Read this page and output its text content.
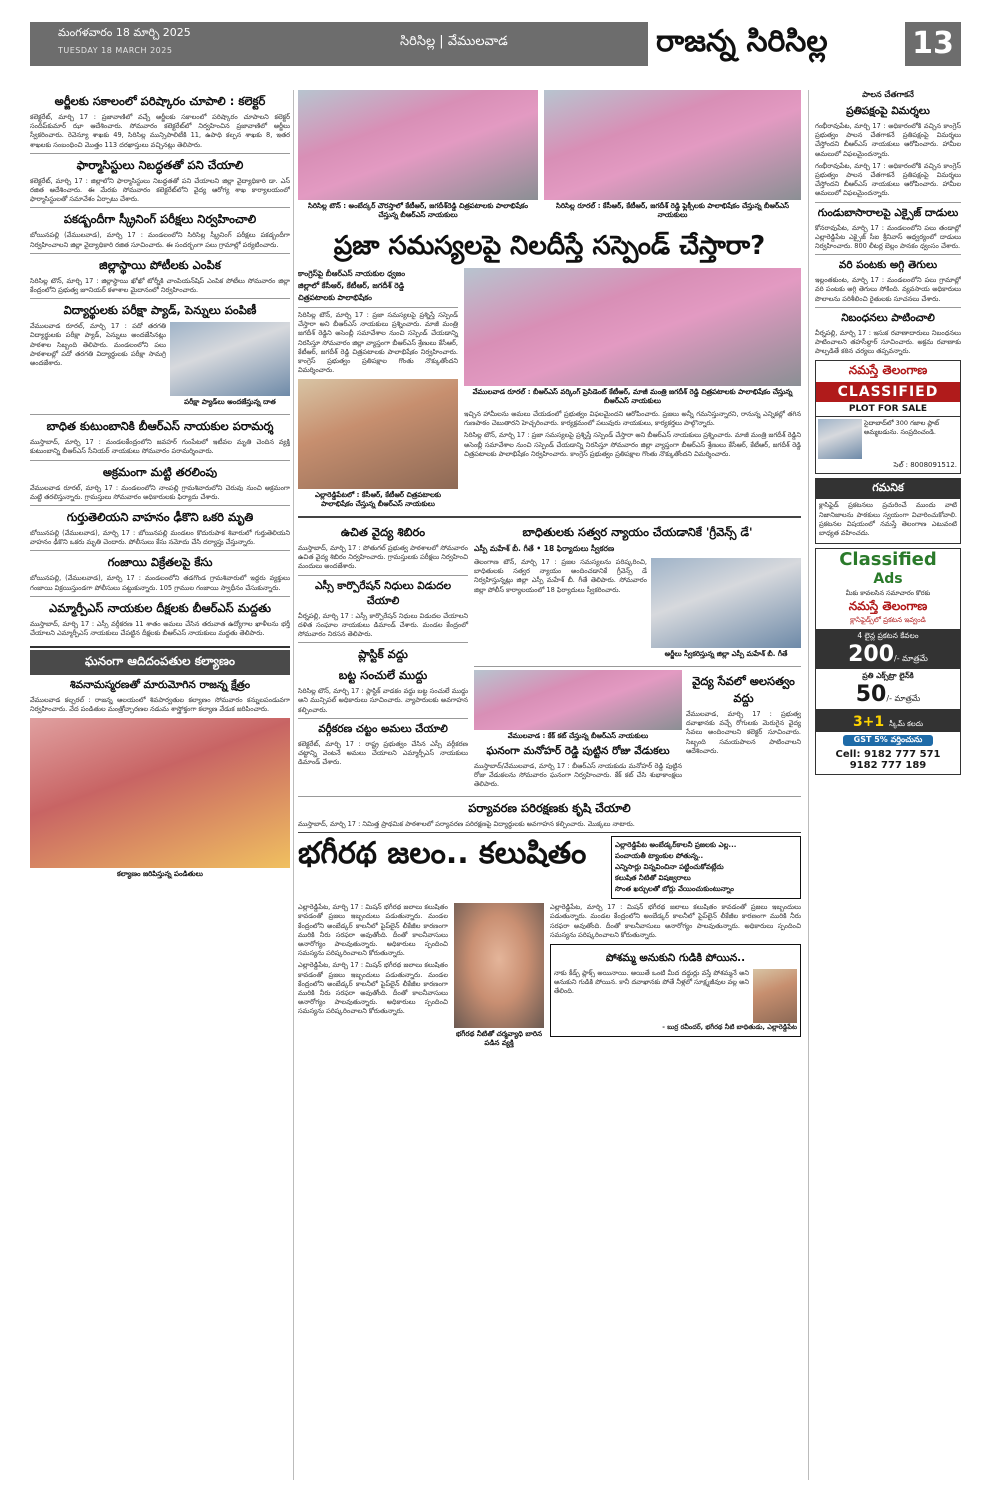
మంగళవారం 18 మార్చి 2025
TUESDAY 18 MARCH 2025
సిరిసిల్ల | వేములవాడ	రాజన్న సిరిసిల్ల	13
అర్జీలకు సకాలంలో పరిష్కారం చూపాలి : కలెక్టర్

కలెక్టరేట్, మార్చి 17 : ప్రజావాణిలో వచ్చే అర్జీలకు సకాలంలో పరిష్కారం చూపాలని కలెక్టర్ సందీప్‌కుమార్ ఝా ఆదేశించారు. సోమవారం కలెక్టరేట్‌లో నిర్వహించిన ప్రజావాణిలో అర్జీలు స్వీకరించారు. రెవెన్యూ శాఖకు 49, సిరిసిల్ల మున్సిపాలిటీకి 11, ఉపాధి కల్పన శాఖకు 8, ఇతర శాఖలకు సంబంధించి మొత్తం 113 దరఖాస్తులు వచ్చినట్లు తెలిపారు.

ఫార్మాసిస్టులు నిబద్ధతతో పని చేయాలి

కలెక్టరేట్, మార్చి 17 : జిల్లాలోని ఫార్మాసిస్టులు నిబద్ధతతో పని చేయాలని జిల్లా వైద్యాధికారి డా. ఎస్ రజిత ఆదేశించారు. ఈ మేరకు సోమవారం కలెక్టరేట్‌లోని వైద్య ఆరోగ్య శాఖ కార్యాలయంలో ఫార్మాసిస్టులతో సమావేశం ఏర్పాటు చేశారు.

పకడ్బందీగా స్క్రీనింగ్ పరీక్షలు నిర్వహించాలి

బోయినపల్లి (వేములవాడ), మార్చి 17 : మండలంలోని సిరిసిల్ల స్క్రీనింగ్ పరీక్షలు పకడ్బందీగా నిర్వహించాలని జిల్లా వైద్యాధికారి రజిత సూచించారు. ఈ సందర్భంగా పలు గ్రామాల్లో పర్యటించారు.

జిల్లాస్థాయి పోటీలకు ఎంపిక

సిరిసిల్ల టౌన్, మార్చి 17 : జిల్లాస్థాయి ఖోఖో టోర్నీకి చాంపియన్‌షిప్ ఎంపిక పోటీలు సోమవారం జిల్లా కేంద్రంలోని ప్రభుత్వ జూనియర్ కళాశాల మైదానంలో నిర్వహించారు.

విద్యార్థులకు పరీక్షా ప్యాడ్, పెన్నులు పంపిణీ

వేములవాడ రూరల్, మార్చి 17 : పదో తరగతి విద్యార్థులకు పరీక్షా ప్యాడ్, పెన్నులు అందజేసినట్లు పాఠశాల సిబ్బంది తెలిపారు. మండలంలోని పలు పాఠశాలల్లో పదో తరగతి విద్యార్థులకు పరీక్షా సామగ్రి అందజేశారు.

పరీక్షా ప్యాడ్‌లు అందజేస్తున్న దాత
బాధిత కుటుంబానికి బీఆర్‌ఎస్ నాయకుల పరామర్శ

ముస్తాబాద్, మార్చి 17 : మండలకేంద్రంలోని జవహర్ గుంపేటలో ఇటీవల మృతి చెందిన వ్యక్తి కుటుంబాన్ని బీఆర్‌ఎస్ సీనియర్ నాయకులు సోమవారం పరామర్శించారు.

అక్రమంగా మట్టి తరలింపు

వేములవాడ రూరల్, మార్చి 17 : మండలంలోని నాంపల్లి గ్రామశివారులోని చెరువు నుంచి అక్రమంగా మట్టి తరలిస్తున్నారు. గ్రామస్తులు సోమవారం అధికారులకు ఫిర్యాదు చేశారు.

గుర్తుతెలియని వాహనం ఢీకొని ఒకరి మృతి

బోయినపల్లి (వేములవాడ), మార్చి 17 : బోయినపల్లి మండలం కొదురుపాక శివారులో గుర్తుతెలియని వాహనం ఢీకొని ఒకరు మృతి చెందారు. పోలీసులు కేసు నమోదు చేసి దర్యాప్తు చేస్తున్నారు.

గంజాయి విక్రేతలపై కేసు

బోయినపల్లి, (వేములవాడ), మార్చి 17 : మండలంలోని తడగొండ గ్రామశివారులో ఇద్దరు వ్యక్తులు గంజాయి విక్రయిస్తుండగా పోలీసులు పట్టుకున్నారు. 105 గ్రాముల గంజాయి స్వాధీనం చేసుకున్నారు.

ఎమ్మార్పీఎస్ నాయకుల దీక్షలకు బీఆర్‌ఎస్ మద్దతు

ముస్తాబాద్, మార్చి 17 : ఎస్సీ వర్గీకరణ 11 శాతం అమలు చేసిన తరువాత ఉద్యోగాల ఖాళీలను భర్తీ చేయాలని ఎమ్మార్పీఎస్ నాయకులు చేపట్టిన దీక్షలకు బీఆర్‌ఎస్ నాయకులు మద్దతు తెలిపారు.

ఘనంగా ఆదిదంపతుల కల్యాణం
శివనామస్మరణతో మారుమోగిన రాజన్న క్షేత్రం

వేములవాడ కల్చరల్ : రాజన్న ఆలయంలో శివపార్వతుల కల్యాణం సోమవారం కన్నులపండువగా నిర్వహించారు. వేద పండితుల మంత్రోచ్ఛారణల నడుమ శాస్త్రోక్తంగా కల్యాణ వేడుక జరిపించారు.

కల్యాణం జరిపిస్తున్న పండితులు
సిరిసిల్ల టౌన్ : అంబేద్కర్ చౌరస్తాలో కేటీఆర్, జగదీశ్‌రెడ్డి చిత్రపటాలకు పాలాభిషేకం చేస్తున్న బీఆర్‌ఎస్ నాయకులు
సిరిసిల్ల రూరల్ : కేసీఆర్, కేటీఆర్, జగదీశ్ రెడ్డి ఫ్లెక్సీలకు పాలాభిషేకం చేస్తున్న బీఆర్‌ఎస్ నాయకులు
ప్రజా సమస్యలపై నిలదీస్తే సస్పెండ్ చేస్తారా?
కాంగ్రెస్‌పై బీఆర్‌ఎస్ నాయకుల ధ్వజం
జిల్లాలో కేసీఆర్, కేటీఆర్, జగదీశ్ రెడ్డి
చిత్రపటాలకు పాలాభిషేకం

సిరిసిల్ల టౌన్, మార్చి 17 : ప్రజా సమస్యలపై ప్రశ్నిస్తే సస్పెండ్ చేస్తారా అని బీఆర్‌ఎస్ నాయకులు ప్రశ్నించారు. మాజీ మంత్రి జగదీశ్ రెడ్డిని అసెంబ్లీ సమావేశాల నుంచి సస్పెండ్ చేయడాన్ని నిరసిస్తూ సోమవారం జిల్లా వ్యాప్తంగా బీఆర్‌ఎస్ శ్రేణులు కేసీఆర్, కేటీఆర్, జగదీశ్ రెడ్డి చిత్రపటాలకు పాలాభిషేకం నిర్వహించారు. కాంగ్రెస్ ప్రభుత్వం ప్రతిపక్షాల గొంతు నొక్కుతోందని విమర్శించారు.

ఎల్లారెడ్డిపేటలో : కేసీఆర్, కేటీఆర్ చిత్రపటాలకు పాలాభిషేకం చేస్తున్న బీఆర్‌ఎస్ నాయకులు
వేములవాడ రూరల్ : బీఆర్‌ఎస్ వర్కింగ్ ప్రెసిడెంట్ కేటీఆర్, మాజీ మంత్రి జగదీశ్ రెడ్డి చిత్రపటాలకు పాలాభిషేకం చేస్తున్న బీఆర్‌ఎస్ నాయకులు

ఇచ్చిన హామీలను అమలు చేయడంలో ప్రభుత్వం విఫలమైందని ఆరోపించారు. ప్రజలు అన్నీ గమనిస్తున్నారని, రానున్న ఎన్నికల్లో తగిన గుణపాఠం చెబుతారని హెచ్చరించారు. కార్యక్రమంలో పలువురు నాయకులు, కార్యకర్తలు పాల్గొన్నారు.

సిరిసిల్ల టౌన్, మార్చి 17 : ప్రజా సమస్యలపై ప్రశ్నిస్తే సస్పెండ్ చేస్తారా అని బీఆర్‌ఎస్ నాయకులు ప్రశ్నించారు. మాజీ మంత్రి జగదీశ్ రెడ్డిని అసెంబ్లీ సమావేశాల నుంచి సస్పెండ్ చేయడాన్ని నిరసిస్తూ సోమవారం జిల్లా వ్యాప్తంగా బీఆర్‌ఎస్ శ్రేణులు కేసీఆర్, కేటీఆర్, జగదీశ్ రెడ్డి చిత్రపటాలకు పాలాభిషేకం నిర్వహించారు. కాంగ్రెస్ ప్రభుత్వం ప్రతిపక్షాల గొంతు నొక్కుతోందని విమర్శించారు.

ఉచిత వైద్య శిబిరం

ముస్తాబాద్, మార్చి 17 : పోతుగల్ ప్రభుత్వ పాఠశాలలో సోమవారం ఉచిత వైద్య శిబిరం నిర్వహించారు. గ్రామస్తులకు పరీక్షలు నిర్వహించి మందులు అందజేశారు.

ఎస్సీ కార్పొరేషన్ నిధులు విడుదల చేయాలి

వీర్నపల్లి, మార్చి 17 : ఎస్సీ కార్పొరేషన్ నిధులు విడుదల చేయాలని దళిత సంఘాల నాయకులు డిమాండ్ చేశారు. మండల కేంద్రంలో సోమవారం నిరసన తెలిపారు.

ప్లాస్టిక్ వద్దు
బట్ట సంచులే ముద్దు

సిరిసిల్ల టౌన్, మార్చి 17 : ప్లాస్టిక్ వాడకం వద్దు బట్ట సంచులే ముద్దు అని మున్సిపల్ అధికారులు సూచించారు. వ్యాపారులకు అవగాహన కల్పించారు.

వర్గీకరణ చట్టం అమలు చేయాలి

కలెక్టరేట్, మార్చి 17 : రాష్ట్ర ప్రభుత్వం చేసిన ఎస్సీ వర్గీకరణ చట్టాన్ని వెంటనే అమలు చేయాలని ఎమ్మార్పీఎస్ నాయకులు డిమాండ్ చేశారు.

బాధితులకు సత్వర న్యాయం చేయడానికే 'గ్రీవెన్స్ డే'
ఎస్పీ మహేశ్ బీ. గీతే • 18 ఫిర్యాదులు స్వీకరణ

తెలంగాణ టౌన్, మార్చి 17 : ప్రజల సమస్యలను పరిష్కరించి, బాధితులకు సత్వర న్యాయం అందించడానికే గ్రీవెన్స్ డే నిర్వహిస్తున్నట్లు జిల్లా ఎస్పీ మహేశ్ బీ. గీతే తెలిపారు. సోమవారం జిల్లా పోలీస్ కార్యాలయంలో 18 ఫిర్యాదులు స్వీకరించారు.

అర్జీలు స్వీకరిస్తున్న జిల్లా ఎస్పీ మహేశ్ బీ. గీతే
వేములవాడ : కేక్ కట్ చేస్తున్న బీఆర్‌ఎస్ నాయకులు
ఘనంగా మనోహర్ రెడ్డి పుట్టిన రోజు వేడుకలు

ముస్తాబాద్/వేములవాడ, మార్చి 17 : బీఆర్‌ఎస్ నాయకుడు మనోహర్ రెడ్డి పుట్టిన రోజు వేడుకలను సోమవారం ఘనంగా నిర్వహించారు. కేక్ కట్ చేసి శుభాకాంక్షలు తెలిపారు.

వైద్య సేవలో అలసత్వం వద్దు

వేములవాడ, మార్చి 17 : ప్రభుత్వ దవాఖానకు వచ్చే రోగులకు మెరుగైన వైద్య సేవలు అందించాలని కలెక్టర్ సూచించారు. సిబ్బంది సమయపాలన పాటించాలని ఆదేశించారు.

పర్యావరణ పరిరక్షణకు కృషి చేయాలి

ముస్తాబాద్, మార్చి 17 : నిమిత్త ప్రాథమిక పాఠశాలలో పర్యావరణ పరిరక్షణపై విద్యార్థులకు అవగాహన కల్పించారు. మొక్కలు నాటారు.

భగీరథ జలం.. కలుషితం	ఎల్లారెడ్డిపేట అంబేడ్కర్‌కాలనీ ప్రజలకు ఎల్ల...
పంచాయతీ ట్యాంకుల పోతున్న..
ఎన్నిసార్లు విన్నవించినా పట్టించుకోవట్లేదు
కలుషిత నీటితో విషజ్వరాలు
సొంత ఖర్చులతో బోర్లు వేయించుకుంటున్నాం

ఎల్లారెడ్డిపేట, మార్చి 17 : మిషన్ భగీరథ జలాలు కలుషితం కావడంతో ప్రజలు ఇబ్బందులు పడుతున్నారు. మండల కేంద్రంలోని అంబేడ్కర్ కాలనీలో పైప్‌లైన్ లీకేజీల కారణంగా మురికి నీరు సరఫరా అవుతోంది. దీంతో కాలనీవాసులు అనారోగ్యం పాలవుతున్నారు. అధికారులు స్పందించి సమస్యను పరిష్కరించాలని కోరుతున్నారు.

ఎల్లారెడ్డిపేట, మార్చి 17 : మిషన్ భగీరథ జలాలు కలుషితం కావడంతో ప్రజలు ఇబ్బందులు పడుతున్నారు. మండల కేంద్రంలోని అంబేడ్కర్ కాలనీలో పైప్‌లైన్ లీకేజీల కారణంగా మురికి నీరు సరఫరా అవుతోంది. దీంతో కాలనీవాసులు అనారోగ్యం పాలవుతున్నారు. అధికారులు స్పందించి సమస్యను పరిష్కరించాలని కోరుతున్నారు.

భగీరథ నీటితో చర్మవ్యాధి బారిన పడిన వ్యక్తి

ఎల్లారెడ్డిపేట, మార్చి 17 : మిషన్ భగీరథ జలాలు కలుషితం కావడంతో ప్రజలు ఇబ్బందులు పడుతున్నారు. మండల కేంద్రంలోని అంబేడ్కర్ కాలనీలో పైప్‌లైన్ లీకేజీల కారణంగా మురికి నీరు సరఫరా అవుతోంది. దీంతో కాలనీవాసులు అనారోగ్యం పాలవుతున్నారు. అధికారులు స్పందించి సమస్యను పరిష్కరించాలని కోరుతున్నారు.

పోశమ్మ అనుకుని గుడికి పోయిన..

నాకు కీడ్స్ ప్లాక్స్ అయినాయి. అయితే ఒంటి మీద దద్దుర్లు వస్తే పోశమ్మనే అని అనుకుని గుడికి పోయిన. కానీ దవాఖానకు పోతే నీళ్లలో సూక్ష్మజీవుల వల్ల అని తేలింది.

- బుర్ర రవీందర్, భగీరథ నీటి బాధితుడు, ఎల్లారెడ్డిపేట
పాలన చేతగాకనే
ప్రతిపక్షంపై విమర్శలు

గంభీరావుపేట, మార్చి 17 : అధికారంలోకి వచ్చిన కాంగ్రెస్ ప్రభుత్వం పాలన చేతగాకనే ప్రతిపక్షంపై విమర్శలు చేస్తోందని బీఆర్‌ఎస్ నాయకులు ఆరోపించారు. హామీల అమలులో విఫలమైందన్నారు.

గంభీరావుపేట, మార్చి 17 : అధికారంలోకి వచ్చిన కాంగ్రెస్ ప్రభుత్వం పాలన చేతగాకనే ప్రతిపక్షంపై విమర్శలు చేస్తోందని బీఆర్‌ఎస్ నాయకులు ఆరోపించారు. హామీల అమలులో విఫలమైందన్నారు.

గుండుబాసారాలపై ఎక్సైజ్ దాడులు

కోనరావుపేట, మార్చి 17 : మండలంలోని పలు తండాల్లో ఎల్లారెడ్డిపేట ఎక్సైజ్ సీఐ శ్రీనివాస్ ఆధ్వర్యంలో దాడులు నిర్వహించారు. 800 లీటర్ల బెల్లం పానకం ధ్వంసం చేశారు.

వరి పంటకు అగ్గి తెగులు

ఇల్లంతకుంట, మార్చి 17 : మండలంలోని పలు గ్రామాల్లో వరి పంటకు అగ్గి తెగులు సోకింది. వ్యవసాయ అధికారులు పొలాలను పరిశీలించి రైతులకు సూచనలు చేశారు.

నిబంధనలు పాటించాలి

వీర్నపల్లి, మార్చి 17 : ఇసుక రవాణాదారులు నిబంధనలు పాటించాలని తహసీల్దార్ సూచించారు. అక్రమ రవాణాకు పాల్పడితే కఠిన చర్యలు తప్పవన్నారు.

నమస్తే తెలంగాణ
CLASSIFIED
PLOT FOR SALE
సైదాబాద్‌లో 300 గజాల ప్లాట్ అమ్మబడును. సంప్రదించండి.
సెల్ : 8008091512.
గమనిక

క్లాసిఫైడ్ ప్రకటనలు ప్రచురించే ముందు వాటి నిజానిజాలను పాఠకులు స్వయంగా విచారించుకోవాలి. ప్రకటనల విషయంలో నమస్తే తెలంగాణ ఎటువంటి బాధ్యత వహించదు.

Classified
Ads
మీకు కావలసిన సమాచారం కొరకు
నమస్తే తెలంగాణ
క్లాసిఫైడ్స్‌లో ప్రకటన ఇవ్వండి
4 లైన్ల ప్రకటన కేవలం
200/- మాత్రమే
ప్రతి ఎక్స్‌ట్రా లైన్‌కి
50/- మాత్రమే
3+1 స్కీమ్ కలదు
GST 5% వర్తించును
Cell: 9182 777 571
9182 777 189
